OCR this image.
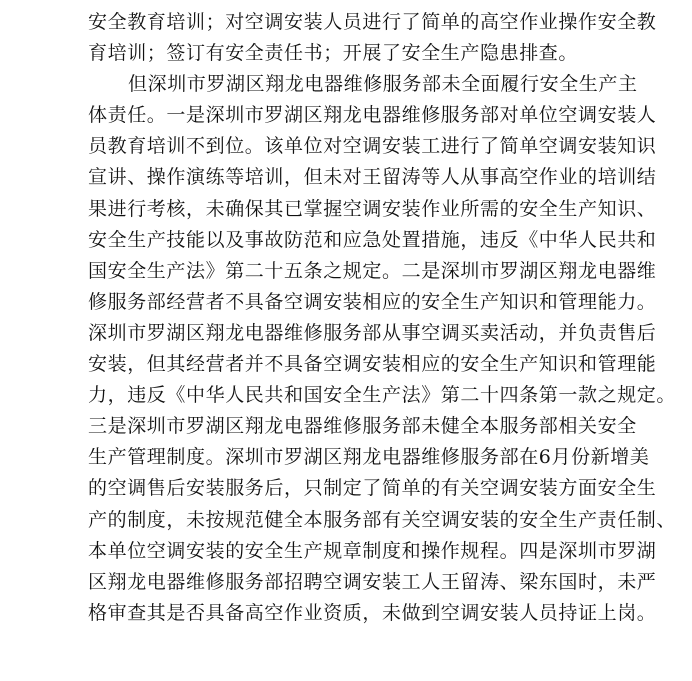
安全教育培训；对空调安装人员进行了简单的高空作业操作安全教
育培训；签订有安全责任书；开展了安全生产隐患排查。
但深圳市罗湖区翔龙电器维修服务部未全面履行安全生产主
体责任。一是深圳市罗湖区翔龙电器维修服务部对单位空调安装人
员教育培训不到位。该单位对空调安装工进行了简单空调安装知识
宣讲、操作演练等培训，但未对王留涛等人从事高空作业的培训结
果进行考核，未确保其已掌握空调安装作业所需的安全生产知识、
安全生产技能以及事故防范和应急处置措施，违反《中华人民共和
国安全生产法》第二十五条之规定。二是深圳市罗湖区翔龙电器维
修服务部经营者不具备空调安装相应的安全生产知识和管理能力。
深圳市罗湖区翔龙电器维修服务部从事空调买卖活动，并负责售后
安装，但其经营者并不具备空调安装相应的安全生产知识和管理能
力，违反《中华人民共和国安全生产法》第二十四条第一款之规定。
三是深圳市罗湖区翔龙电器维修服务部未健全本服务部相关安全
生产管理制度。深圳市罗湖区翔龙电器维修服务部在6月份新增美
的空调售后安装服务后，只制定了简单的有关空调安装方面安全生
产的制度，未按规范健全本服务部有关空调安装的安全生产责任制、
本单位空调安装的安全生产规章制度和操作规程。四是深圳市罗湖
区翔龙电器维修服务部招聘空调安装工人王留涛、梁东国时，未严
格审查其是否具备高空作业资质，未做到空调安装人员持证上岗。
